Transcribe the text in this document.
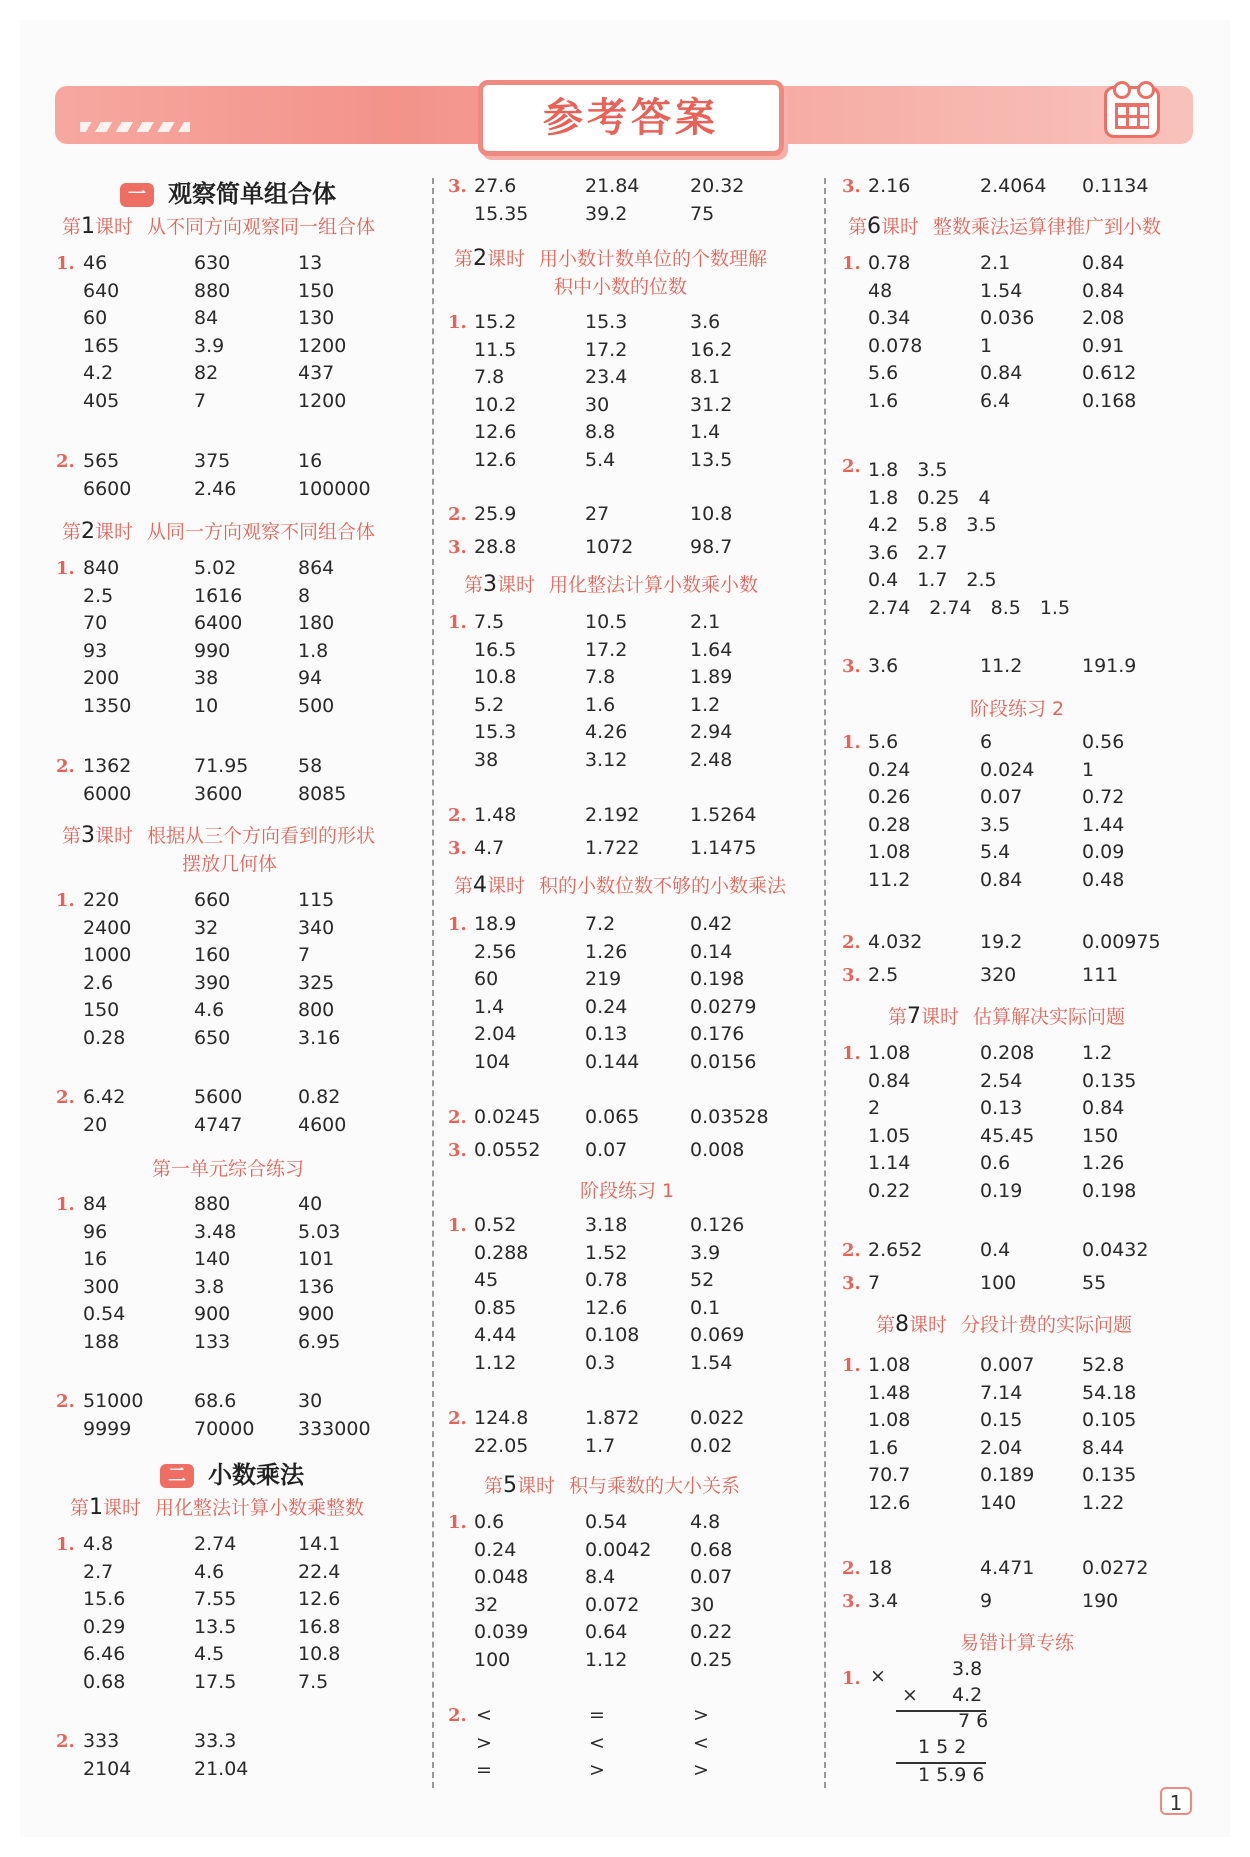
参考答案
一 观察简单组合体
第1课时 从不同方向观察同一组合体
1. 46	630	13
640	880	150
60	84	130
165	3.9	1200
4.2	82	437
405	7	1200
2. 565	375	16
6600	2.46	100000
第2课时 从同一方向观察不同组合体
1. 840	5.02	864
2.5	1616	8
70	6400	180
93	990	1.8
200	38	94
1350	10	500
2. 1362	71.95	58
6000	3600	8085
第3课时 根据从三个方向看到的形状
摆放几何体
1. 220	660	115
2400	32	340
1000	160	7
2.6	390	325
150	4.6	800
0.28	650	3.16
2. 6.42	5600	0.82
20	4747	4600
第一单元综合练习
1. 84	880	40
96	3.48	5.03
16	140	101
300	3.8	136
0.54	900	900
188	133	6.95
2. 51000	68.6	30
9999	70000 333000
二 小数乘法
第1课时 用化整法计算小数乘整数
1. 4.8	2.74	14.1
2.7	4.6	22.4
15.6	7.55	12.6
0.29	13.5	16.8
6.46	4.5	10.8
0.68	17.5	7.5
2. 333	33.3
2104	21.04
3. 27.6	21.84	20.32
15.35	39.2	75
第2课时 用小数计数单位的个数理解
积中小数的位数
1. 15.2	15.3	3.6
11.5	17.2	16.2
7.8	23.4	8.1
10.2	30	31.2
12.6	8.8	1.4
12.6	5.4	13.5
2. 25.9	27	10.8
3. 28.8	1072	98.7
第3课时 用化整法计算小数乘小数
1. 7.5	10.5	2.1
16.5	17.2	1.64
10.8	7.8	1.89
5.2	1.6	1.2
15.3	4.26	2.94
38	3.12	2.48
2. 1.48	2.192	1.5264
3. 4.7	1.722	1.1475
第4课时 积的小数位数不够的小数乘法
1. 18.9	7.2	0.42
2.56	1.26	0.14
60	219	0.198
1.4	0.24	0.0279
2.04	0.13	0.176
104	0.144	0.0156
2. 0.0245 0.065	0.03528
3. 0.0552 0.07	0.008
阶段练习 1
1. 0.52	3.18	0.126
0.288	1.52	3.9
45	0.78	52
0.85	12.6	0.1
4.44	0.108	0.069
1.12	0.3	1.54
2. 124.8	1.872	0.022
22.05	1.7	0.02
第5课时 积与乘数的大小关系
1. 0.6	0.54	4.8
0.24	0.0042 0.68
0.048	8.4	0.07
32	0.072	30
0.039	0.64	0.22
100	1.12	0.25
2. <	=	>
>	<	<
=	>	>
3. 2.16	2.4064 0.1134
第6课时 整数乘法运算律推广到小数
1. 0.78	2.1	0.84
48	1.54	0.84
0.34	0.036	2.08
0.078	1	0.91
5.6	0.84	0.612
1.6	6.4	0.168
2. 1.8　3.5
1.8　0.25　4
4.2　5.8　3.5
3.6　2.7
0.4　1.7　2.5
2.74　2.74　8.5　1.5
3. 3.6	11.2	191.9
阶段练习 2
1. 5.6	6	0.56
0.24	0.024	1
0.26	0.07	0.72
0.28	3.5	1.44
1.08	5.4	0.09
11.2	0.84	0.48
2. 4.032	19.2	0.00975
3. 2.5	320	111
第7课时 估算解决实际问题
1. 1.08	0.208	1.2
0.84	2.54	0.135
2	0.13	0.84
1.05	45.45	150
1.14	0.6	1.26
0.22	0.19	0.198
2. 2.652	0.4	0.0432
3. 7	100	55
第8课时 分段计费的实际问题
1. 1.08	0.007	52.8
1.48	7.14	54.18
1.08	0.15	0.105
1.6	2.04	8.44
70.7	0.189	0.135
12.6	140	1.22
2. 18	4.471	0.0272
3. 3.4	9	190
易错计算专练
1. ×	3.8
× 4.2
7 6
1 5 2
1 5.9 6
1
